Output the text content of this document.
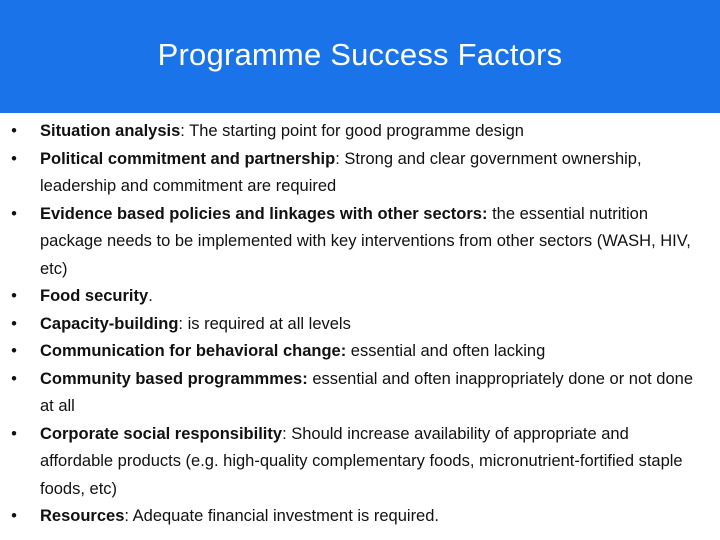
Programme Success Factors
•	Situation analysis: The starting point for good programme design
•	Political commitment and partnership: Strong and clear government ownership, leadership and commitment are required
•	Evidence based policies and linkages with other sectors: the essential nutrition package needs to be implemented with key interventions from other sectors (WASH, HIV, etc)
•	Food security.
•	Capacity-building: is required at all levels
•	Communication for behavioral change: essential and often lacking
•	Community based programmmes: essential and often inappropriately done or not done at all
•	Corporate social responsibility: Should increase availability of appropriate and affordable products (e.g. high-quality complementary foods, micronutrient-fortified staple foods, etc)
•	Resources: Adequate financial investment is required.
